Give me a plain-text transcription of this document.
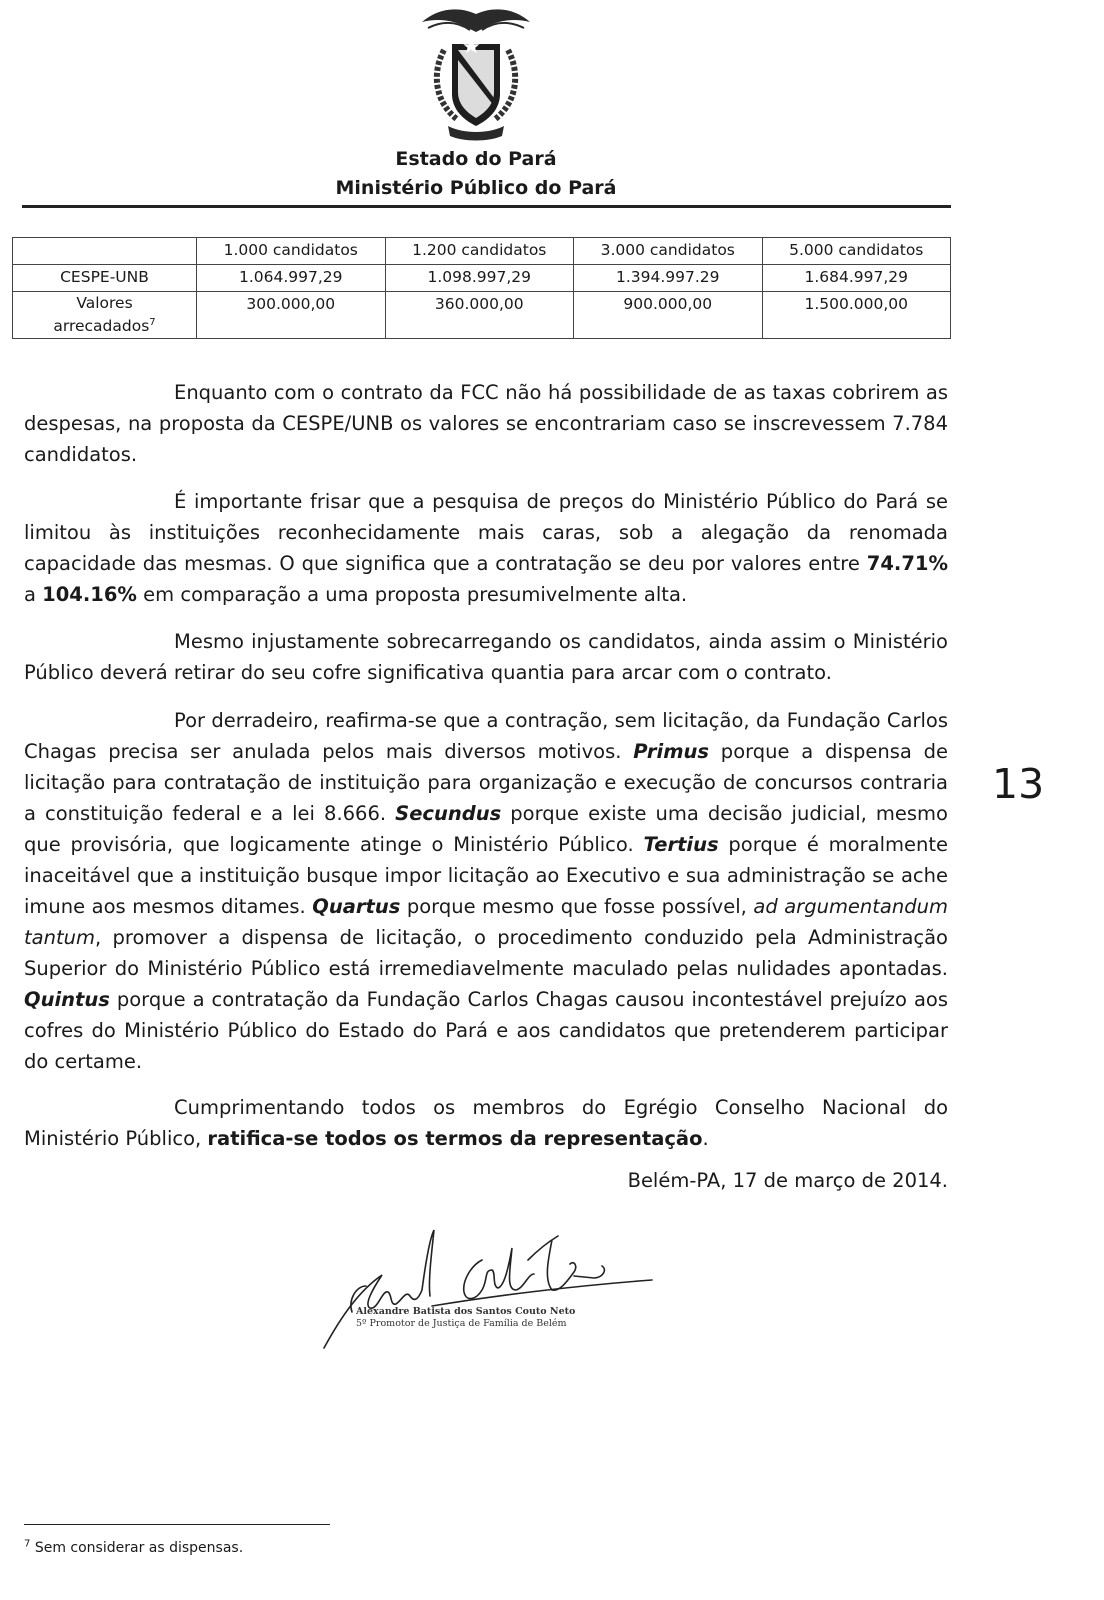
Estado do Pará
Ministério Público do Pará
	1.000 candidatos	1.200 candidatos	3.000 candidatos	5.000 candidatos
CESPE-UNB	1.064.997,29	1.098.997,29	1.394.997.29	1.684.997,29
Valores arrecadados$^7$	300.000,00	360.000,00	900.000,00	1.500.000,00
Enquanto com o contrato da FCC não há possibilidade de as taxas cobrirem as despesas, na proposta da CESPE/UNB os valores se encontrariam caso se inscrevessem 7.784 candidatos.
É importante frisar que a pesquisa de preços do Ministério Público do Pará se limitou às instituições reconhecidamente mais caras, sob a alegação da renomada capacidade das mesmas. O que significa que a contratação se deu por valores entre 74.71% a 104.16% em comparação a uma proposta presumivelmente alta.
Mesmo injustamente sobrecarregando os candidatos, ainda assim o Ministério Público deverá retirar do seu cofre significativa quantia para arcar com o contrato.
Por derradeiro, reafirma-se que a contração, sem licitação, da Fundação Carlos Chagas precisa ser anulada pelos mais diversos motivos. Primus porque a dispensa de licitação para contratação de instituição para organização e execução de concursos contraria a constituição federal e a lei 8.666. Secundus porque existe uma decisão judicial, mesmo que provisória, que logicamente atinge o Ministério Público. Tertius porque é moralmente inaceitável que a instituição busque impor licitação ao Executivo e sua administração se ache imune aos mesmos ditames. Quartus porque mesmo que fosse possível, ad argumentandum tantum, promover a dispensa de licitação, o procedimento conduzido pela Administração Superior do Ministério Público está irremediavelmente maculado pelas nulidades apontadas. Quintus porque a contratação da Fundação Carlos Chagas causou incontestável prejuízo aos cofres do Ministério Público do Estado do Pará e aos candidatos que pretenderem participar do certame.
Cumprimentando todos os membros do Egrégio Conselho Nacional do Ministério Público, ratifica-se todos os termos da representação.
Belém-PA, 17 de março de 2014.
13
Alexandre Batista dos Santos Couto Neto
5º Promotor de Justiça de Família de Belém
$^7$ Sem considerar as dispensas.
